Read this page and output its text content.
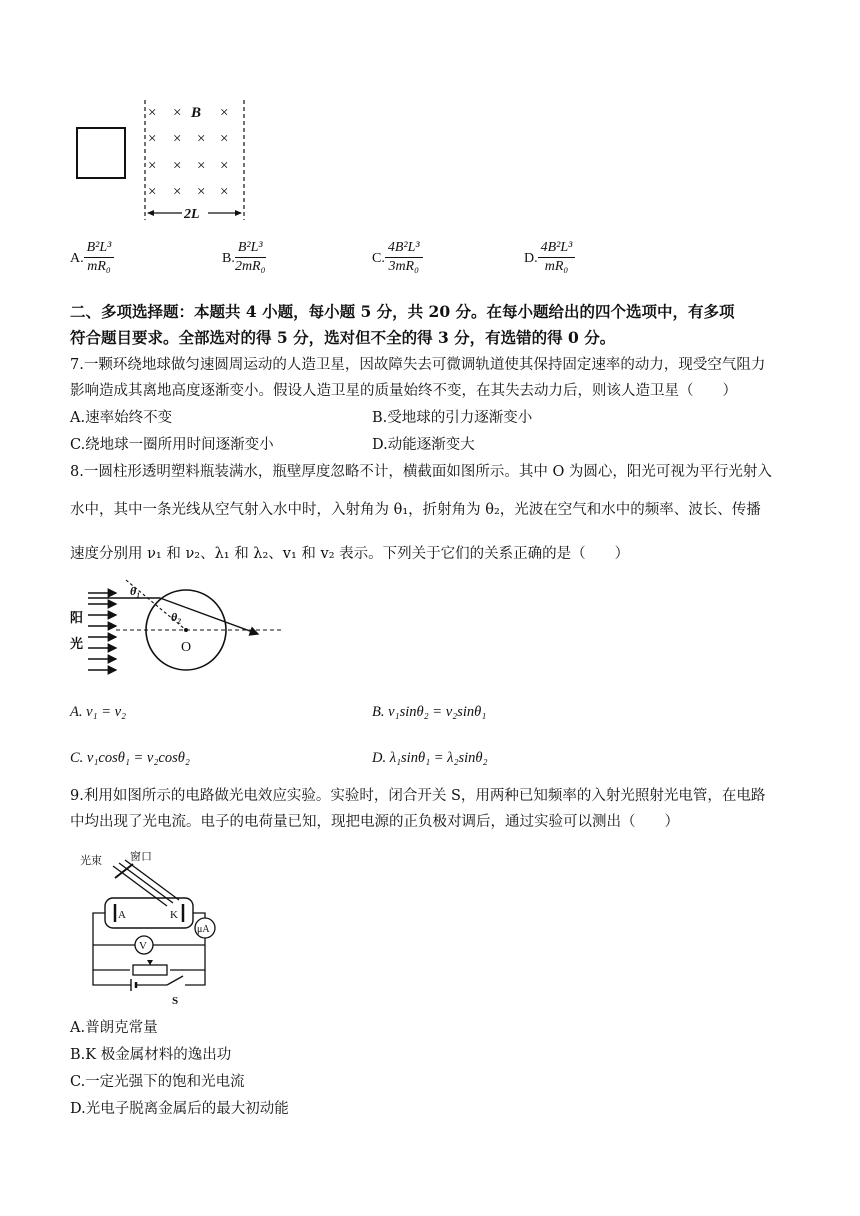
× ×	×
× × × ×
× × × ×
× × × ×
B
2L
A. $\frac{\text{B²L³}}{\text{mR₀}}$	B. $\frac{\text{B²L³}}{\text{2mR₀}}$	C. $\frac{\text{4B²L³}}{\text{3mR₀}}$	D. $\frac{\text{4B²L³}}{\text{mR₀}}$
二、多项选择题：本题共 4 小题，每小题 5 分，共 20 分。在每小题给出的四个选项中，有多项
符合题目要求。全部选对的得 5 分，选对但不全的得 3 分，有选错的得 0 分。
7.一颗环绕地球做匀速圆周运动的人造卫星，因故障失去可微调轨道使其保持固定速率的动力，现受空气阻力
影响造成其离地高度逐渐变小。假设人造卫星的质量始终不变，在其失去动力后，则该人造卫星（　　）
A.速率始终不变	B.受地球的引力逐渐变小
C.绕地球一圈所用时间逐渐变小	D.动能逐渐变大
8.一圆柱形透明塑料瓶装满水，瓶壁厚度忽略不计，横截面如图所示。其中 O 为圆心，阳光可视为平行光射入
水中，其中一条光线从空气射入水中时，入射角为 θ₁，折射角为 θ₂，光波在空气和水中的频率、波长、传播
速度分别用 ν₁ 和 ν₂、λ₁ 和 λ₂、v₁ 和 v₂ 表示。下列关于它们的关系正确的是（　　）
阳
光	O
θ₁
θ₂
A. ν₁ = ν₂	B. v₁sinθ₂ = v₂sinθ₁
C. v₁cosθ₁ = v₂cosθ₂	D. λ₁sinθ₁ = λ₂sinθ₂
9.利用如图所示的电路做光电效应实验。实验时，闭合开关 S，用两种已知频率的入射光照射光电管，在电路
中均出现了光电流。电子的电荷量已知，现把电源的正负极对调后，通过实验可以测出（　　）
光束	窗口
A	K
μA
V
S
A.普朗克常量
B.K 极金属材料的逸出功
C.一定光强下的饱和光电流
D.光电子脱离金属后的最大初动能
